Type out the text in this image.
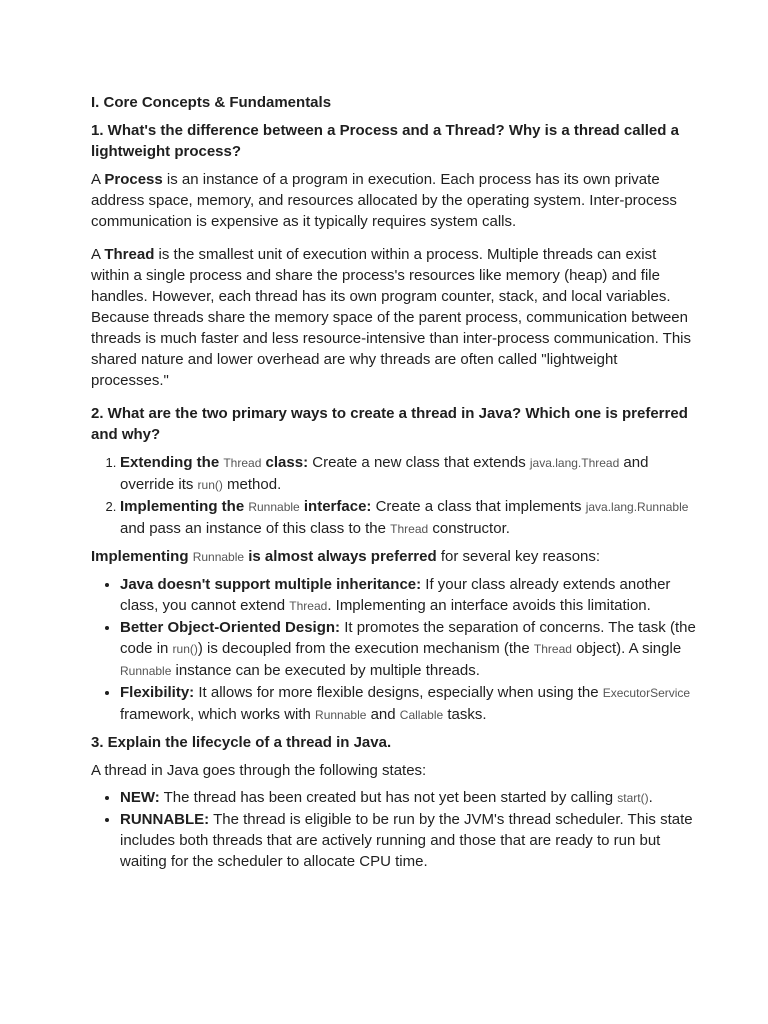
I. Core Concepts & Fundamentals
1. What's the difference between a Process and a Thread? Why is a thread called a lightweight process?

A Process is an instance of a program in execution. Each process has its own private address space, memory, and resources allocated by the operating system. Inter-process communication is expensive as it typically requires system calls.

A Thread is the smallest unit of execution within a process. Multiple threads can exist within a single process and share the process's resources like memory (heap) and file handles. However, each thread has its own program counter, stack, and local variables. Because threads share the memory space of the parent process, communication between threads is much faster and less resource-intensive than inter-process communication. This shared nature and lower overhead are why threads are often called "lightweight processes."

2. What are the two primary ways to create a thread in Java? Which one is preferred and why?
1. Extending the Thread class: Create a new class that extends java.lang.Thread and override its run() method.
2. Implementing the Runnable interface: Create a class that implements java.lang.Runnable and pass an instance of this class to the Thread constructor.

Implementing Runnable is almost always preferred for several key reasons:

• Java doesn't support multiple inheritance: If your class already extends another class, you cannot extend Thread. Implementing an interface avoids this limitation.
• Better Object-Oriented Design: It promotes the separation of concerns. The task (the code in run()) is decoupled from the execution mechanism (the Thread object). A single Runnable instance can be executed by multiple threads.
• Flexibility: It allows for more flexible designs, especially when using the ExecutorService framework, which works with Runnable and Callable tasks.
3. Explain the lifecycle of a thread in Java.

A thread in Java goes through the following states:

• NEW: The thread has been created but has not yet been started by calling start().
• RUNNABLE: The thread is eligible to be run by the JVM's thread scheduler. This state includes both threads that are actively running and those that are ready to run but waiting for the scheduler to allocate CPU time.
